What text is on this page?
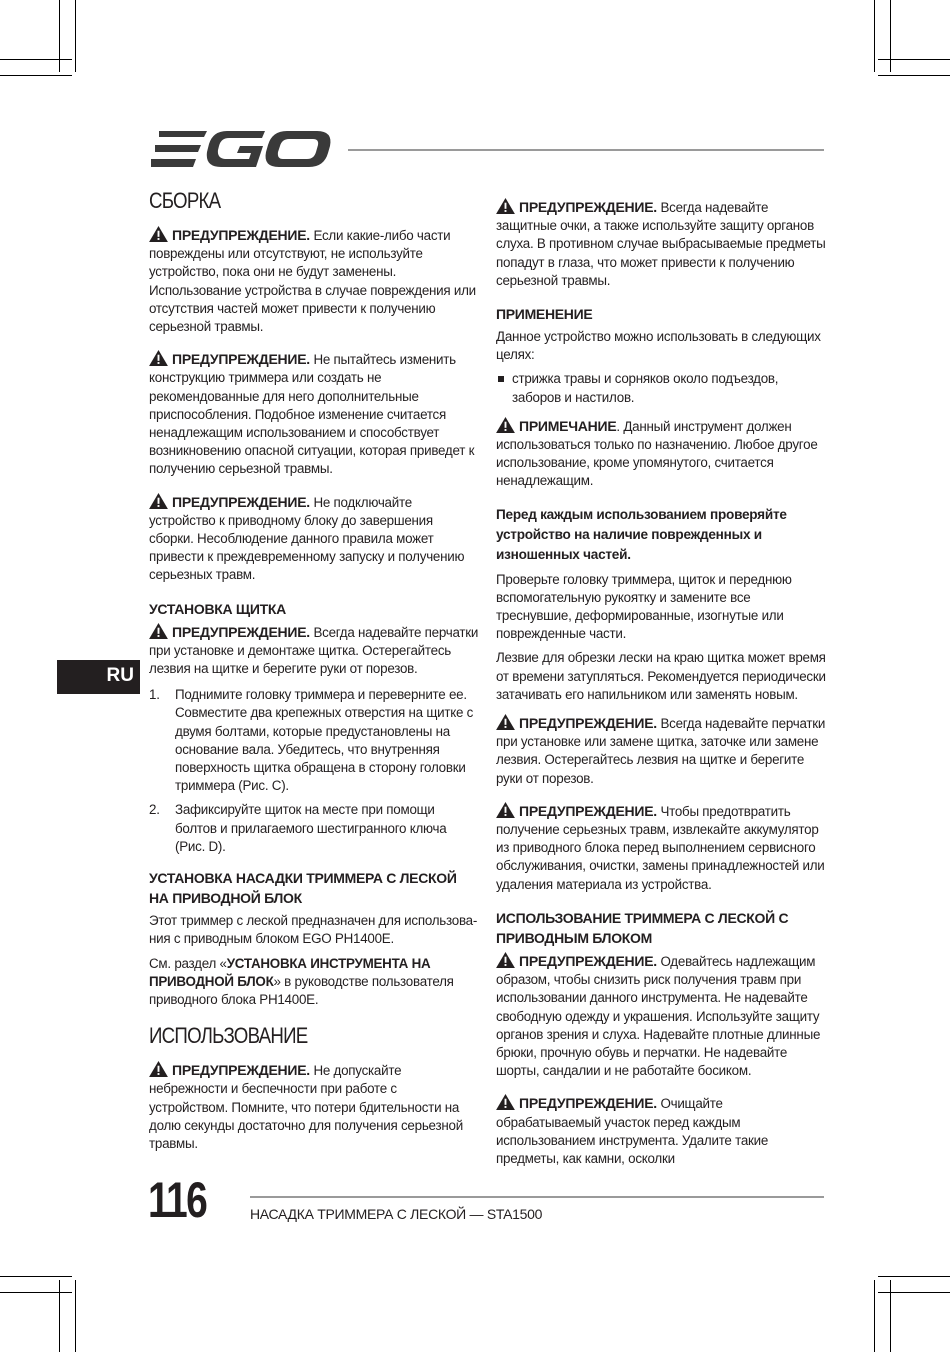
RU
СБОРКА
ПРЕДУПРЕЖДЕНИЕ. Если какие-либо части повреждены или отсутствуют, не используйте устройство, пока они не будут заменены. Использование устройства в случае повреждения или отсутствия частей может привести к получению серьезной травмы.
ПРЕДУПРЕЖДЕНИЕ. Не пытайтесь изменить конструкцию триммера или создать не рекомендованные для него дополнительные приспособления. Подобное изменение считается ненадлежащим использованием и способствует возникновению опасной ситуации, которая приведет к получению серьезной травмы.
ПРЕДУПРЕЖДЕНИЕ. Не подключайте устройство к приводному блоку до завершения сборки. Несоблюдение данного правила может привести к преждевременному запуску и получению серьезных травм.
УСТАНОВКА ЩИТКА
ПРЕДУПРЕЖДЕНИЕ. Всегда надевайте перчатки при установке и демонтаже щитка. Остерегайтесь лезвия на щитке и берегите руки от порезов.
1. Поднимите головку триммера и переверните ее. Совместите два крепежных отверстия на щитке с двумя болтами, которые предустановлены на основание вала. Убедитесь, что внутренняя поверхность щитка обращена в сторону головки триммера (Рис. C).
2. Зафиксируйте щиток на месте при помощи болтов и прилагаемого шестигранного ключа (Рис. D).
УСТАНОВКА НАСАДКИ ТРИММЕРА С ЛЕСКОЙ НА ПРИВОДНОЙ БЛОК

Этот триммер с леской предназначен для использова-ния с приводным блоком EGO PH1400E.

См. раздел «УСТАНОВКА ИНСТРУМЕНТА НА ПРИВОДНОЙ БЛОК» в руководстве пользователя приводного блока PH1400E.

ИСПОЛЬЗОВАНИЕ
ПРЕДУПРЕЖДЕНИЕ. Не допускайте небрежности и беспечности при работе с устройством. Помните, что потери бдительности на долю секунды достаточно для получения серьезной травмы.
ПРЕДУПРЕЖДЕНИЕ. Всегда надевайте защитные очки, а также используйте защиту органов слуха. В противном случае выбрасываемые предметы попадут в глаза, что может привести к получению серьезной травмы.
ПРИМЕНЕНИЕ

Данное устройство можно использовать в следующих целях:

стрижка травы и сорняков около подъездов, заборов и настилов.
ПРИМЕЧАНИЕ. Данный инструмент должен использоваться только по назначению. Любое другое использование, кроме упомянутого, считается ненадлежащим.
Перед каждым использованием проверяйте устройство на наличие поврежденных и изношенных частей.

Проверьте головку триммера, щиток и переднюю вспомогательную рукоятку и замените все треснувшие, деформированные, изогнутые или поврежденные части.

Лезвие для обрезки лески на краю щитка может время от времени затупляться. Рекомендуется периодически затачивать его напильником или заменять новым.

ПРЕДУПРЕЖДЕНИЕ. Всегда надевайте перчатки при установке или замене щитка, заточке или замене лезвия. Остерегайтесь лезвия на щитке и берегите руки от порезов.
ПРЕДУПРЕЖДЕНИЕ. Чтобы предотвратить получение серьезных травм, извлекайте аккумулятор из приводного блока перед выполнением сервисного обслуживания, очистки, замены принадлежностей или удаления материала из устройства.
ИСПОЛЬЗОВАНИЕ ТРИММЕРА С ЛЕСКОЙ С ПРИВОДНЫМ БЛОКОМ
ПРЕДУПРЕЖДЕНИЕ. Одевайтесь надлежащим образом, чтобы снизить риск получения травм при использовании данного инструмента. Не надевайте свободную одежду и украшения. Используйте защиту органов зрения и слуха. Надевайте плотные длинные брюки, прочную обувь и перчатки. Не надевайте шорты, сандалии и не работайте босиком.
ПРЕДУПРЕЖДЕНИЕ. Очищайте обрабатываемый участок перед каждым использованием инструмента. Удалите такие предметы, как камни, осколки
116	НАСАДКА ТРИММЕРА С ЛЕСКОЙ — STA1500
